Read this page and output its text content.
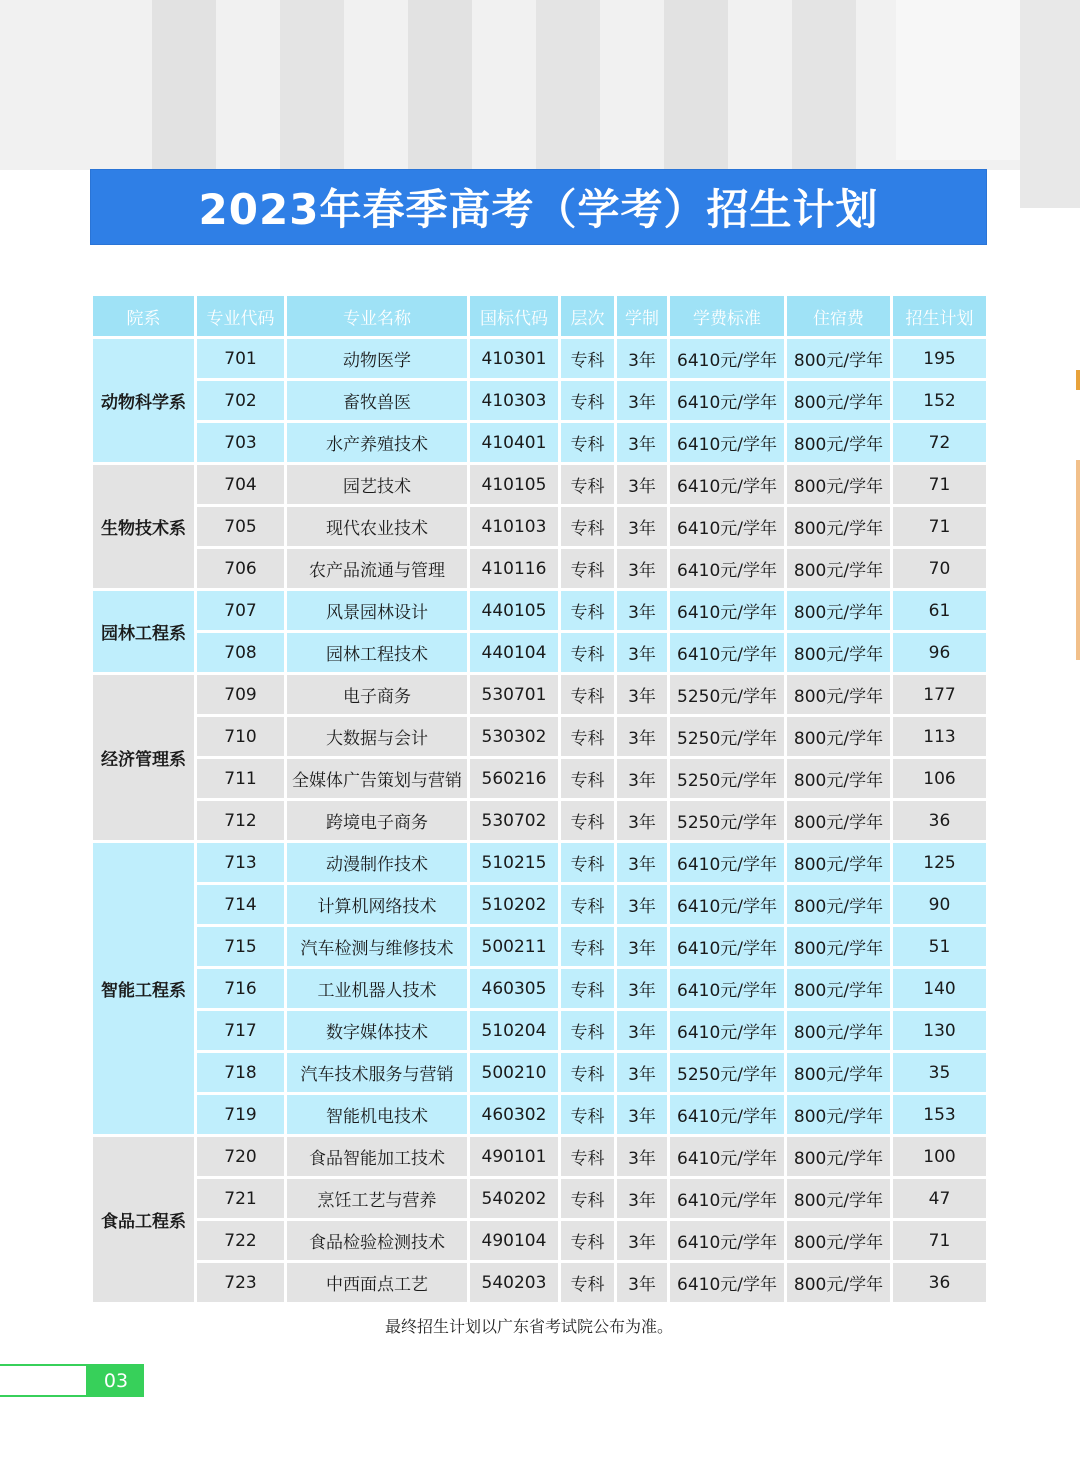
2023年春季高考（学考）招生计划
院系	专业代码	专业名称	国标代码	层次	学制	学费标准	住宿费	招生计划
动物科学系	701	动物医学	410301	专科	3年	6410元/学年	800元/学年	195
	702	畜牧兽医	410303	专科	3年	6410元/学年	800元/学年	152
	703	水产养殖技术	410401	专科	3年	6410元/学年	800元/学年	72
生物技术系	704	园艺技术	410105	专科	3年	6410元/学年	800元/学年	71
	705	现代农业技术	410103	专科	3年	6410元/学年	800元/学年	71
	706	农产品流通与管理	410116	专科	3年	6410元/学年	800元/学年	70
园林工程系	707	风景园林设计	440105	专科	3年	6410元/学年	800元/学年	61
	708	园林工程技术	440104	专科	3年	6410元/学年	800元/学年	96
经济管理系	709	电子商务	530701	专科	3年	5250元/学年	800元/学年	177
	710	大数据与会计	530302	专科	3年	5250元/学年	800元/学年	113
	711	全媒体广告策划与营销	560216	专科	3年	5250元/学年	800元/学年	106
	712	跨境电子商务	530702	专科	3年	5250元/学年	800元/学年	36
智能工程系	713	动漫制作技术	510215	专科	3年	6410元/学年	800元/学年	125
	714	计算机网络技术	510202	专科	3年	6410元/学年	800元/学年	90
	715	汽车检测与维修技术	500211	专科	3年	6410元/学年	800元/学年	51
	716	工业机器人技术	460305	专科	3年	6410元/学年	800元/学年	140
	717	数字媒体技术	510204	专科	3年	6410元/学年	800元/学年	130
	718	汽车技术服务与营销	500210	专科	3年	5250元/学年	800元/学年	35
	719	智能机电技术	460302	专科	3年	6410元/学年	800元/学年	153
食品工程系	720	食品智能加工技术	490101	专科	3年	6410元/学年	800元/学年	100
	721	烹饪工艺与营养	540202	专科	3年	6410元/学年	800元/学年	47
	722	食品检验检测技术	490104	专科	3年	6410元/学年	800元/学年	71
	723	中西面点工艺	540203	专科	3年	6410元/学年	800元/学年	36
最终招生计划以广东省考试院公布为准。
03
